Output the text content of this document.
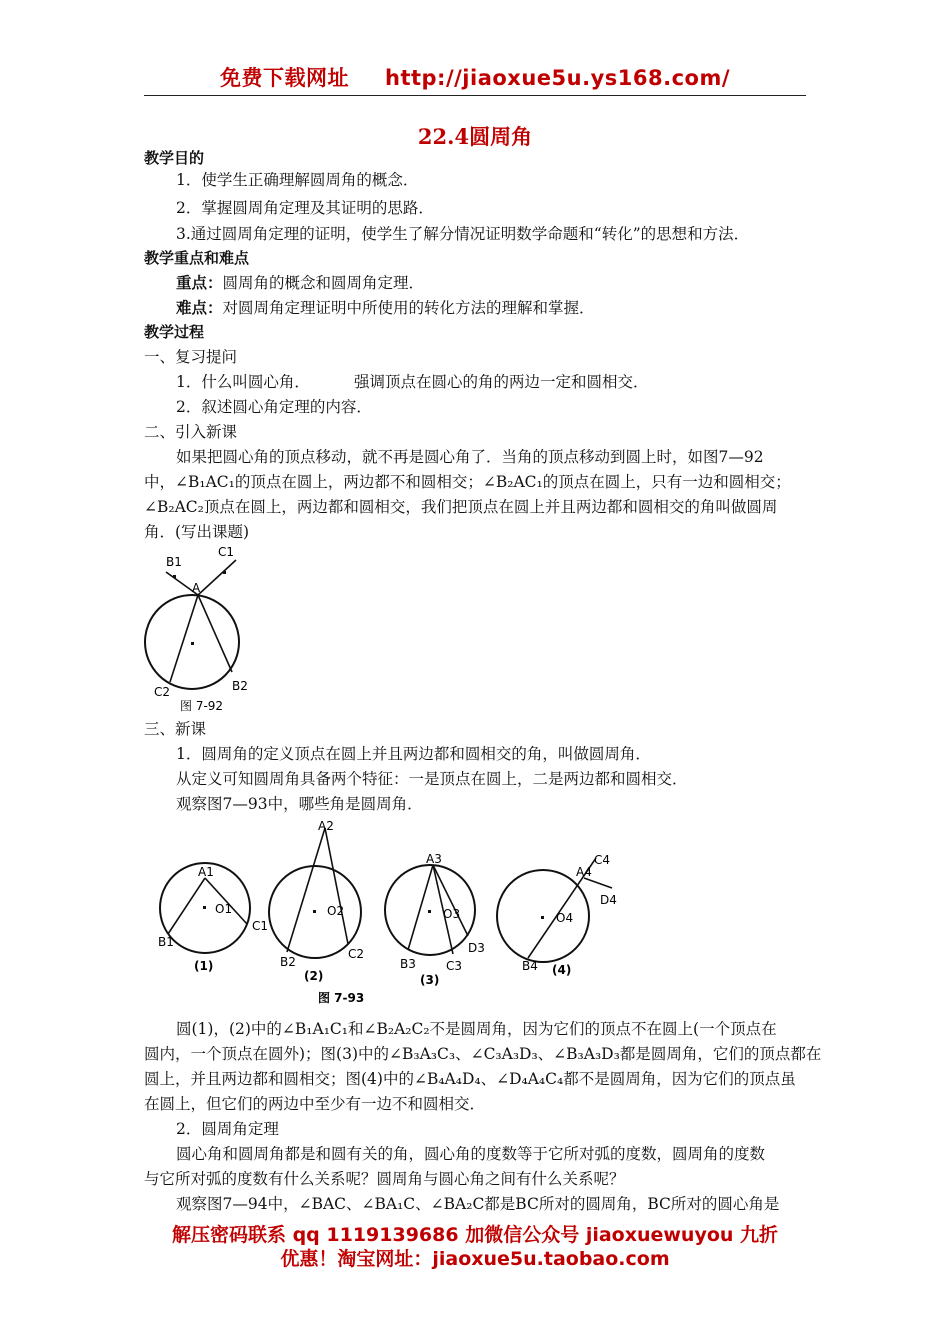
免费下载网址 http://jiaoxue5u.ys168.com/
22.4圆周角
教学目的
1．使学生正确理解圆周角的概念．
2．掌握圆周角定理及其证明的思路．
3.通过圆周角定理的证明，使学生了解分情况证明数学命题和“转化”的思想和方法．
教学重点和难点
重点：圆周角的概念和圆周角定理．
难点：对圆周角定理证明中所使用的转化方法的理解和掌握．
教学过程
一、复习提问
1．什么叫圆心角．	强调顶点在圆心的角的两边一定和圆相交．
2．叙述圆心角定理的内容．
二、引入新课
如果把圆心角的顶点移动，就不再是圆心角了．当角的顶点移动到圆上时，如图7—92
中，∠B₁AC₁的顶点在圆上，两边都不和圆相交；∠B₂AC₁的顶点在圆上，只有一边和圆相交；
∠B₂AC₂顶点在圆上，两边都和圆相交，我们把顶点在圆上并且两边都和圆相交的角叫做圆周
角．(写出课题)
B1
C1
A
C2	B2
图 7-92
三、新课
1．圆周角的定义顶点在圆上并且两边都和圆相交的角，叫做圆周角．
从定义可知圆周角具备两个特征：一是顶点在圆上，二是两边都和圆相交．
观察图7—93中，哪些角是圆周角．
A1
O1
B1
C1
(1)
A2
O2
B2
C2
(2)
A3
O3
B3	C3
D3
(3)
A4
O4
B4
C4
D4
(4)
图 7-93
圆(1)，(2)中的∠B₁A₁C₁和∠B₂A₂C₂不是圆周角，因为它们的顶点不在圆上(一个顶点在
圆内，一个顶点在圆外)；图(3)中的∠B₃A₃C₃、∠C₃A₃D₃、∠B₃A₃D₃都是圆周角，它们的顶点都在
圆上，并且两边都和圆相交；图(4)中的∠B₄A₄D₄、∠D₄A₄C₄都不是圆周角，因为它们的顶点虽
在圆上，但它们的两边中至少有一边不和圆相交．
2．圆周角定理
圆心角和圆周角都是和圆有关的角，圆心角的度数等于它所对弧的度数，圆周角的度数
与它所对弧的度数有什么关系呢？圆周角与圆心角之间有什么关系呢？
观察图7—94中，∠BAC、∠BA₁C、∠BA₂C都是BC所对的圆周角，BC所对的圆心角是
解压密码联系 qq 1119139686 加微信公众号 jiaoxuewuyou 九折
优惠！淘宝网址：jiaoxue5u.taobao.com
